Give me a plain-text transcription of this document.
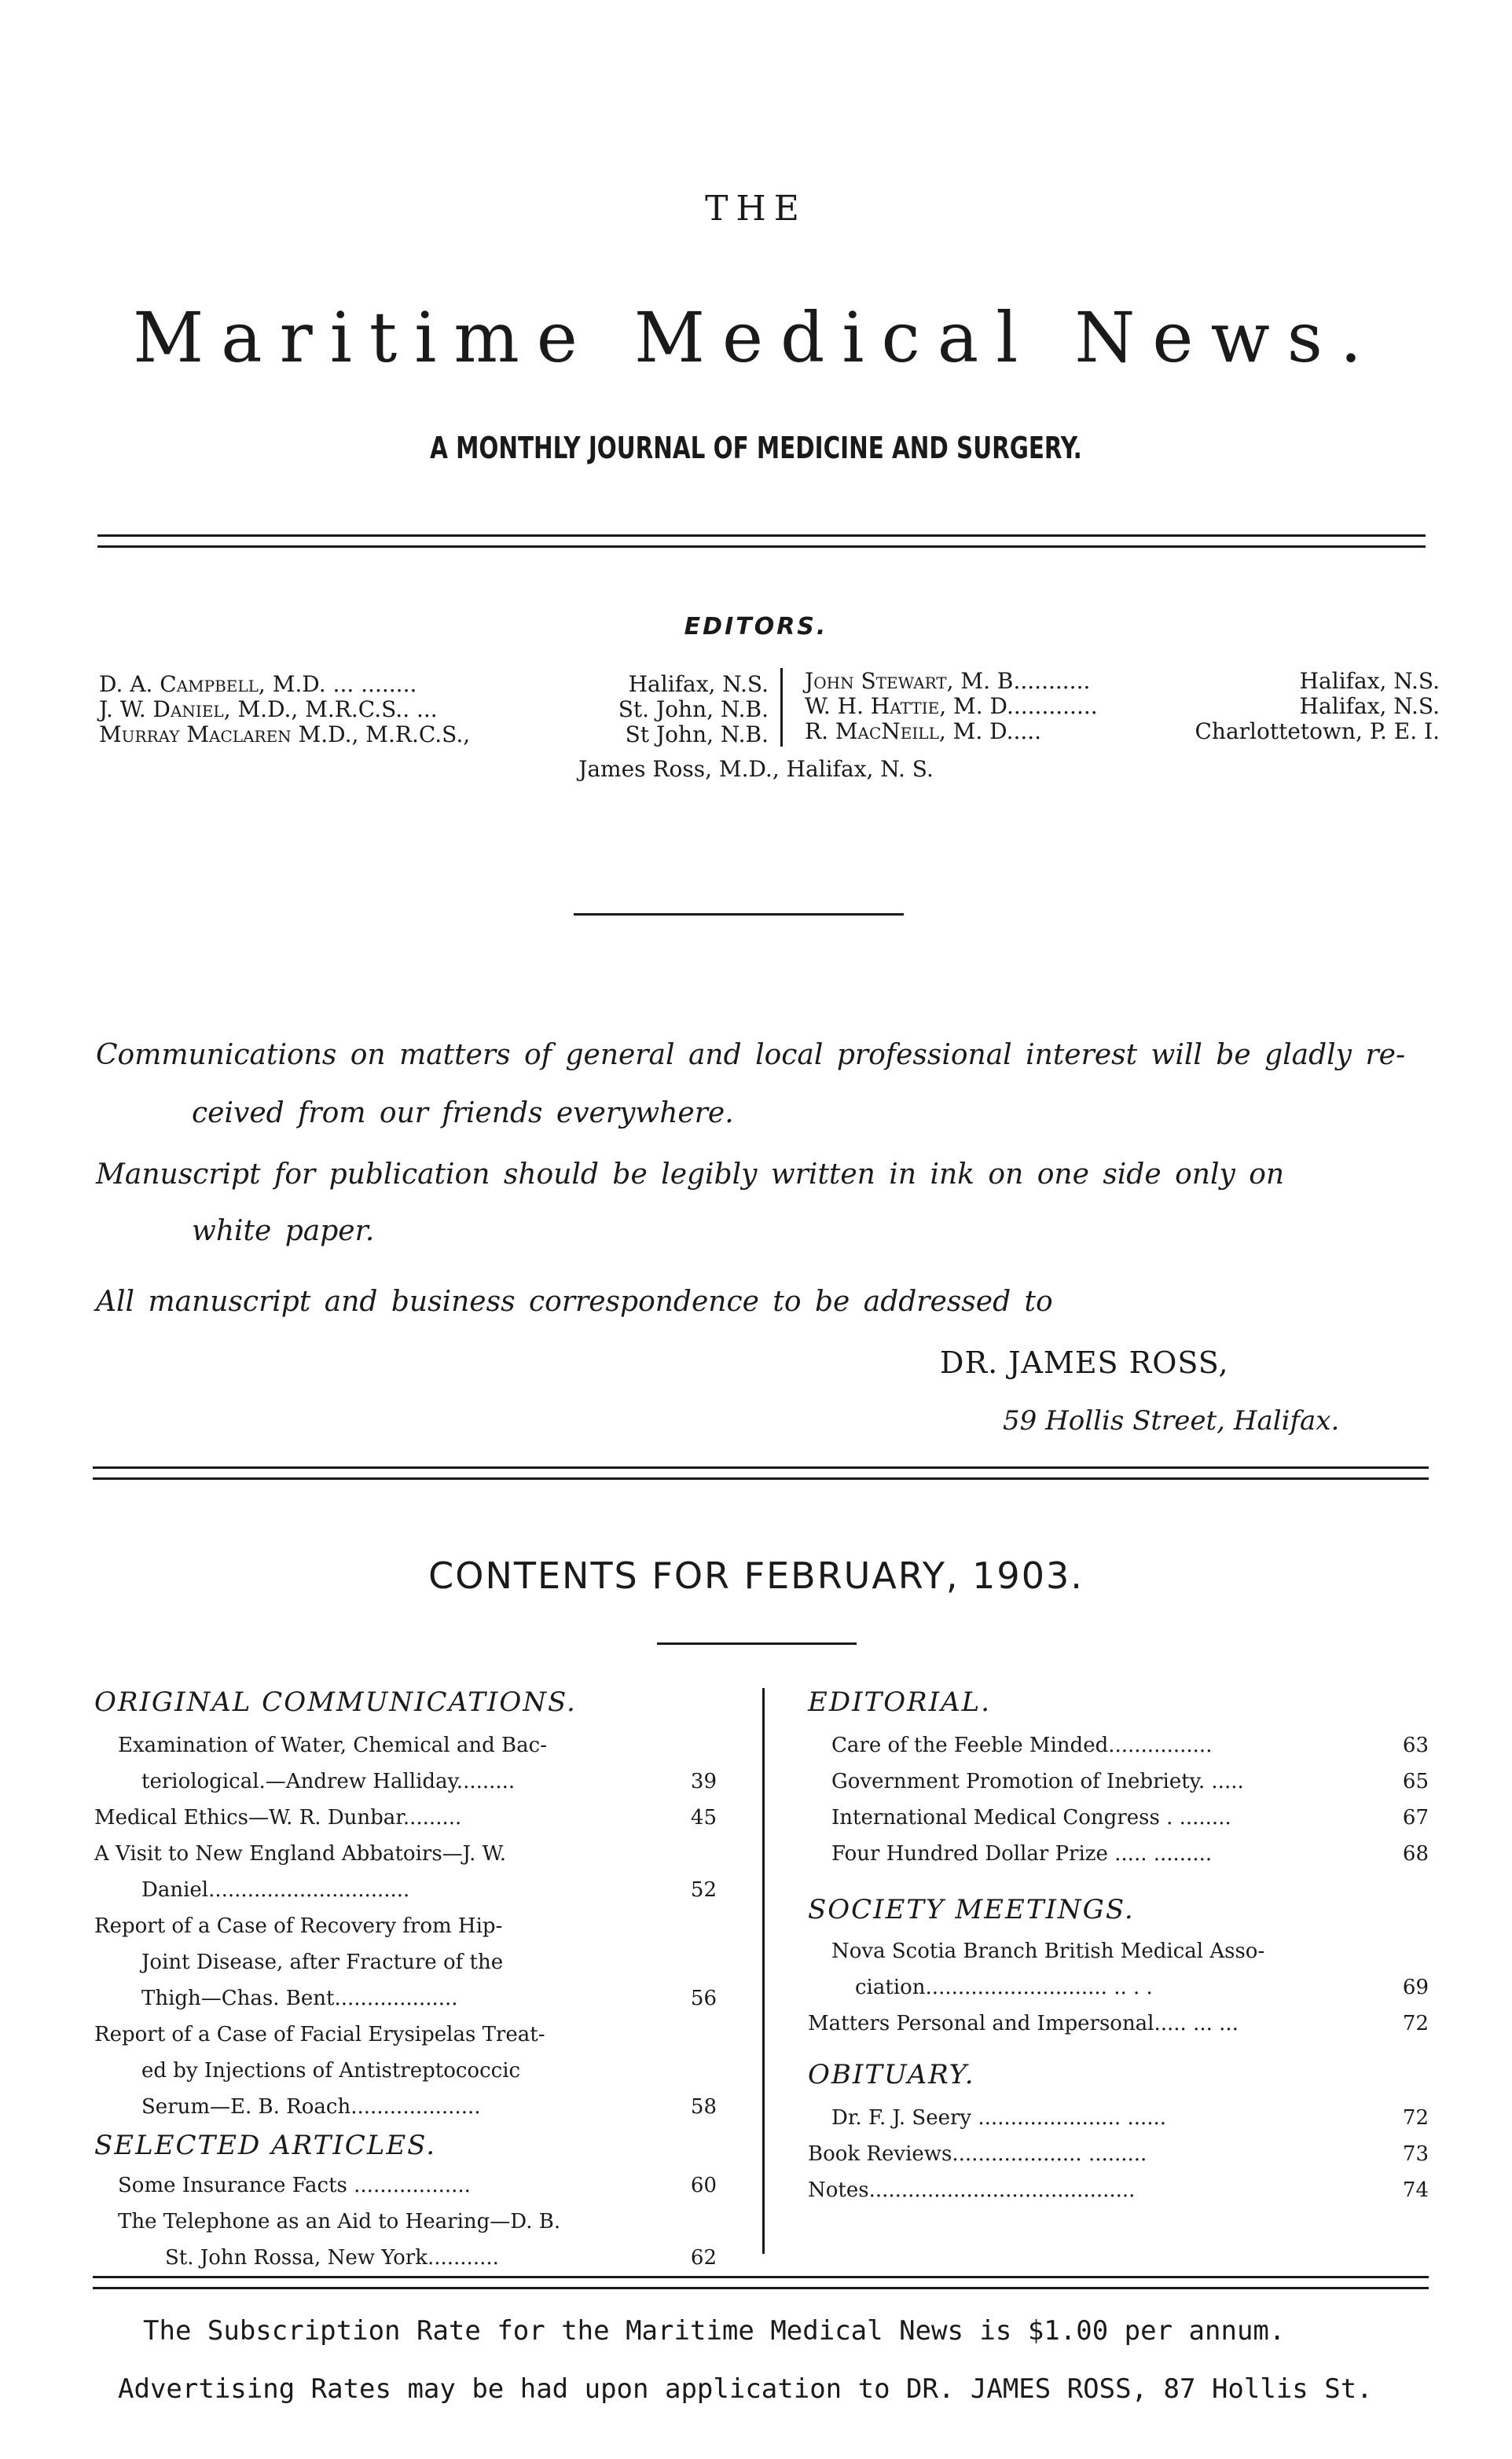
THE
Maritime Medical News.
A MONTHLY JOURNAL OF MEDICINE AND SURGERY.
EDITORS.
D. A. Campbell, M.D. ... ........	Halifax, N.S.
J. W. Daniel, M.D., M.R.C.S.. ...	St. John, N.B.
Murray Maclaren M.D., M.R.C.S.,	St John, N.B.
John Stewart, M. B...........	Halifax, N.S.
W. H. Hattie, M. D.............	Halifax, N.S.
R. MacNeill, M. D.....	Charlottetown, P. E. I.
James Ross, M.D., Halifax, N. S.
Communications on matters of general and local professional interest will be gladly re-
ceived from our friends everywhere.
Manuscript for publication should be legibly written in ink on one side only on
white paper.
All manuscript and business correspondence to be addressed to
DR. JAMES ROSS,
59 Hollis Street, Halifax.
CONTENTS FOR FEBRUARY, 1903.
ORIGINAL COMMUNICATIONS.
Examination of Water, Chemical and Bac-
teriological.—Andrew Halliday.........	39
Medical Ethics—W. R. Dunbar.........	45
A Visit to New England Abbatoirs—J. W.
Daniel...............................	52
Report of a Case of Recovery from Hip-
Joint Disease, after Fracture of the
Thigh—Chas. Bent...................	56
Report of a Case of Facial Erysipelas Treat-
ed by Injections of Antistreptococcic
Serum—E. B. Roach....................	58
SELECTED ARTICLES.
Some Insurance Facts ..................	60
The Telephone as an Aid to Hearing—D. B.
St. John Rossa, New York...........	62
EDITORIAL.
Care of the Feeble Minded................	63
Government Promotion of Inebriety. .....	65
International Medical Congress . ........	67
Four Hundred Dollar Prize ..... .........	68
SOCIETY MEETINGS.
Nova Scotia Branch British Medical Asso-
ciation............................ .. . .	69
Matters Personal and Impersonal..... ... ...	72
OBITUARY.
Dr. F. J. Seery ...................... ......	72
Book Reviews.................... .........	73
Notes.........................................	74
The Subscription Rate for the Maritime Medical News is $1.00 per annum.
Advertising Rates may be had upon application to DR. JAMES ROSS, 87 Hollis St.
